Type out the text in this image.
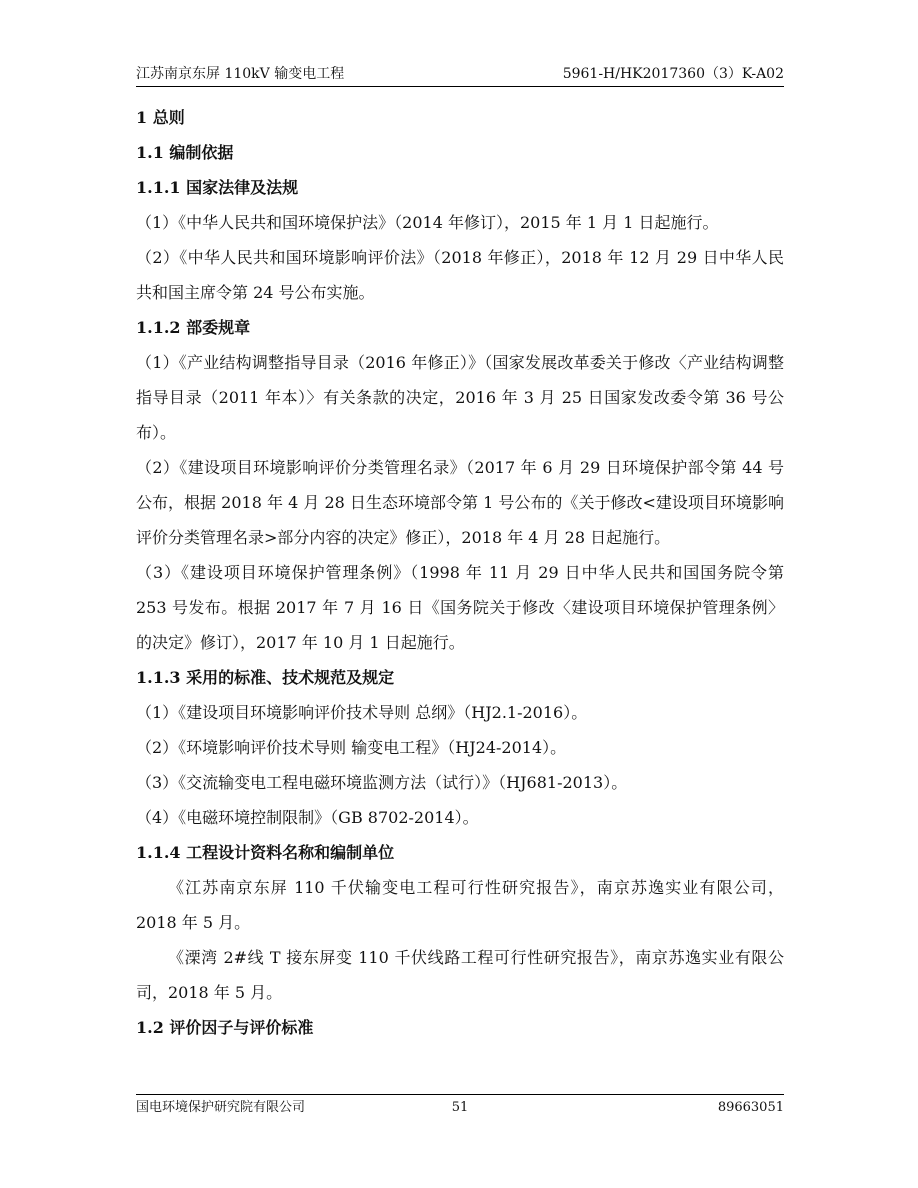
江苏南京东屏 110kV 输变电工程	5961-H/HK2017360（3）K-A02

1 总则

1.1 编制依据

1.1.1 国家法律及法规

（1）《中华人民共和国环境保护法》（2014 年修订），2015 年 1 月 1 日起施行。

（2）《中华人民共和国环境影响评价法》（2018 年修正），2018 年 12 月 29 日中华人民共和国主席令第 24 号公布实施。

1.1.2 部委规章

（1）《产业结构调整指导目录（2016 年修正）》（国家发展改革委关于修改〈产业结构调整指导目录（2011 年本）〉有关条款的决定，2016 年 3 月 25 日国家发改委令第 36 号公布）。

（2）《建设项目环境影响评价分类管理名录》（2017 年 6 月 29 日环境保护部令第 44 号公布，根据 2018 年 4 月 28 日生态环境部令第 1 号公布的《关于修改<建设项目环境影响评价分类管理名录>部分内容的决定》修正），2018 年 4 月 28 日起施行。

（3）《建设项目环境保护管理条例》（1998 年 11 月 29 日中华人民共和国国务院令第 253 号发布。根据 2017 年 7 月 16 日《国务院关于修改〈建设项目环境保护管理条例〉的决定》修订），2017 年 10 月 1 日起施行。

1.1.3 采用的标准、技术规范及规定

（1）《建设项目环境影响评价技术导则 总纲》（HJ2.1-2016）。

（2）《环境影响评价技术导则 输变电工程》（HJ24-2014）。

（3）《交流输变电工程电磁环境监测方法（试行）》（HJ681-2013）。

（4）《电磁环境控制限制》（GB 8702-2014）。

1.1.4 工程设计资料名称和编制单位

《江苏南京东屏 110 千伏输变电工程可行性研究报告》，南京苏逸实业有限公司，2018 年 5 月。

《溧湾 2#线 T 接东屏变 110 千伏线路工程可行性研究报告》，南京苏逸实业有限公司，2018 年 5 月。

1.2 评价因子与评价标准

国电环境保护研究院有限公司	51	89663051
